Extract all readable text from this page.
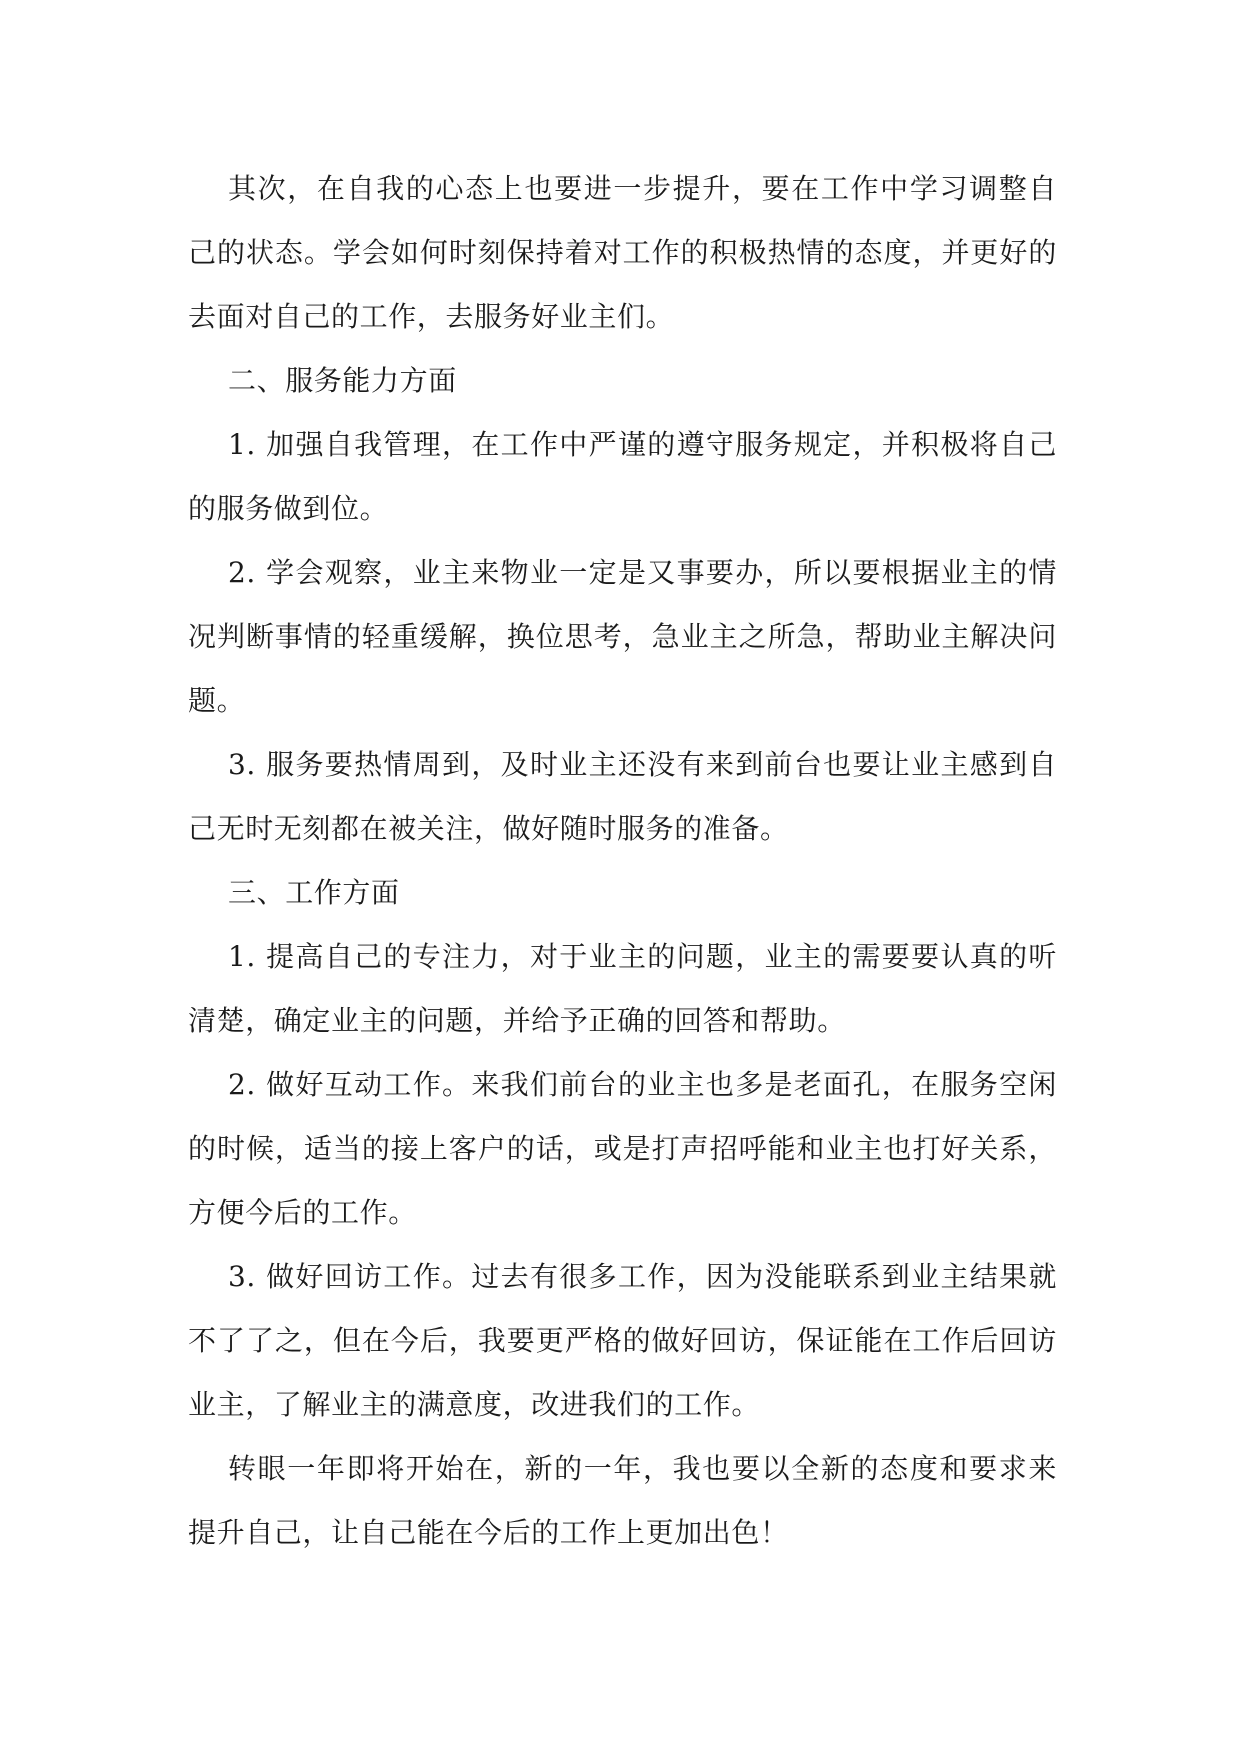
其次，在自我的心态上也要进一步提升，要在工作中学习调整自己的状态。学会如何时刻保持着对工作的积极热情的态度，并更好的去面对自己的工作，去服务好业主们。

二、服务能力方面

1. 加强自我管理，在工作中严谨的遵守服务规定，并积极将自己的服务做到位。

2. 学会观察，业主来物业一定是又事要办，所以要根据业主的情况判断事情的轻重缓解，换位思考，急业主之所急，帮助业主解决问题。

3. 服务要热情周到，及时业主还没有来到前台也要让业主感到自己无时无刻都在被关注，做好随时服务的准备。

三、工作方面

1. 提高自己的专注力，对于业主的问题，业主的需要要认真的听清楚，确定业主的问题，并给予正确的回答和帮助。

2. 做好互动工作。来我们前台的业主也多是老面孔，在服务空闲的时候，适当的接上客户的话，或是打声招呼能和业主也打好关系，方便今后的工作。

3. 做好回访工作。过去有很多工作，因为没能联系到业主结果就不了了之，但在今后，我要更严格的做好回访，保证能在工作后回访业主，了解业主的满意度，改进我们的工作。

转眼一年即将开始在，新的一年，我也要以全新的态度和要求来提升自己，让自己能在今后的工作上更加出色！
